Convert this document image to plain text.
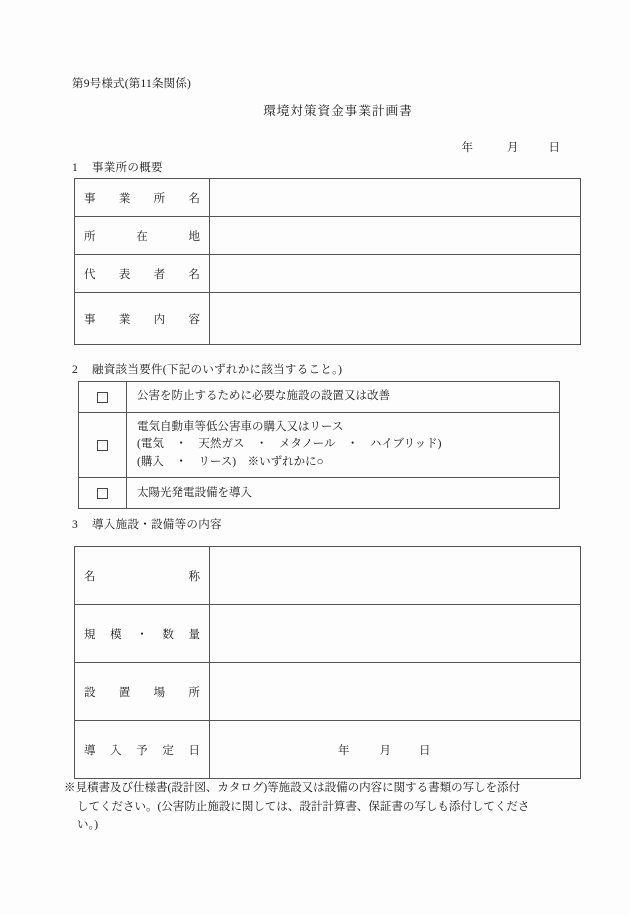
第9号様式(第11条関係)
環境対策資金事業計画書
年	月	日
1 事業所の概要
事 業 所 名	

所 在 地	

代 表 者 名	

事 業 内 容	

2 融資該当要件(下記のいずれかに該当すること。)
	公害を防止するために必要な施設の設置又は改善

	電気自動車等低公害車の購入又はリース
(電気　・　天然ガス　・　メタノール　・　ハイブリッド)
(購入　・　リース)　※いずれかに○

	太陽光発電設備を導入
3 導入施設・設備等の内容
名 称	

規 模 ・ 数 量	

設 置 場 所	

導 入 予 定 日	年 月 日
※見積書及び仕様書(設計図、カタログ)等施設又は設備の内容に関する書類の写しを添付
してください。(公害防止施設に関しては、設計計算書、保証書の写しも添付してくださ
い。)
